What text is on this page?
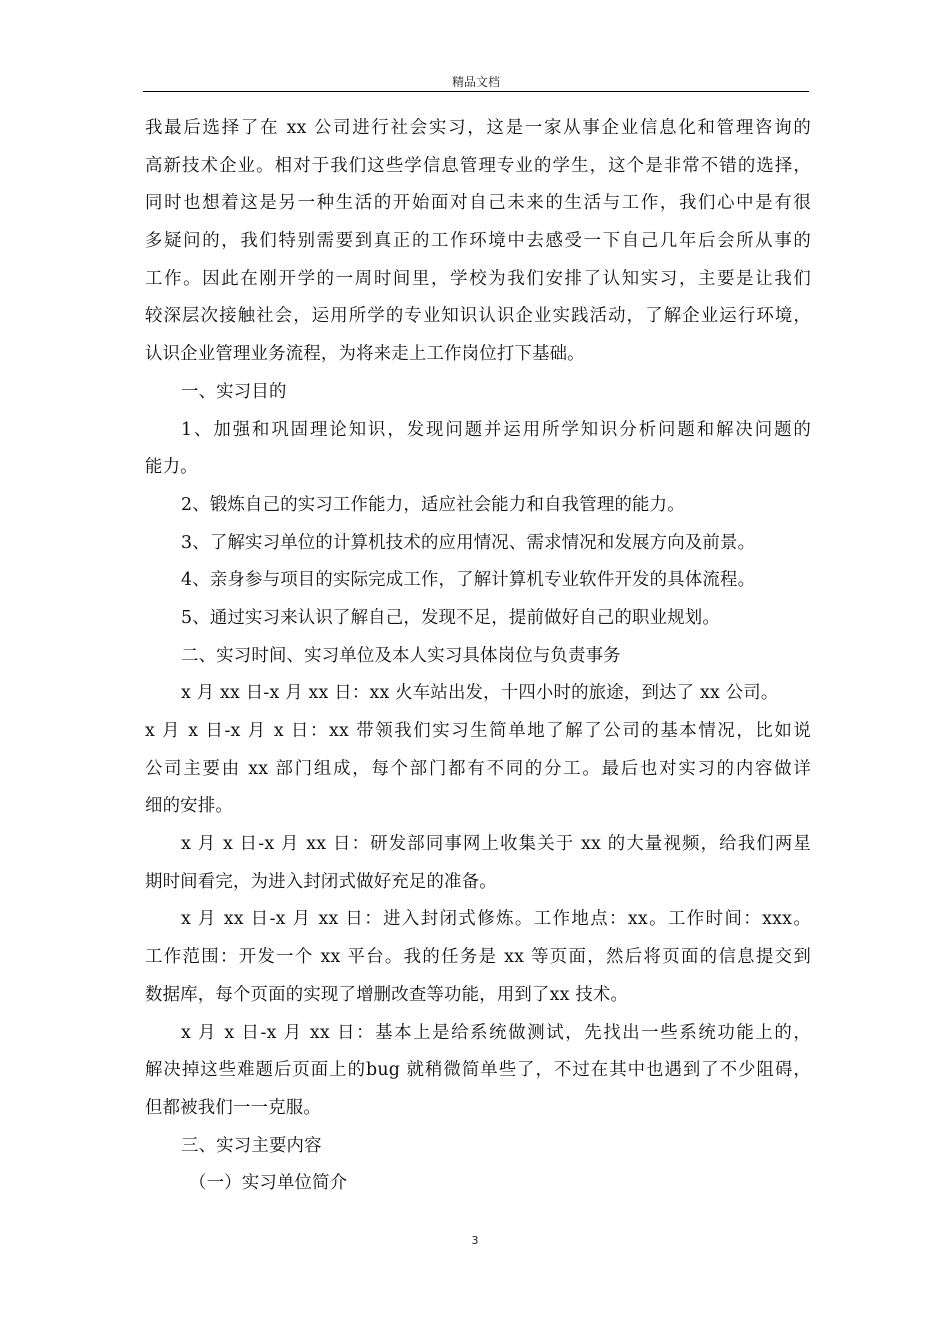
精品文档
我最后选择了在 xx 公司进行社会实习，这是一家从事企业信息化和管理咨询的
高新技术企业。相对于我们这些学信息管理专业的学生，这个是非常不错的选择，
同时也想着这是另一种生活的开始面对自己未来的生活与工作，我们心中是有很
多疑问的，我们特别需要到真正的工作环境中去感受一下自己几年后会所从事的
工作。因此在刚开学的一周时间里，学校为我们安排了认知实习，主要是让我们
较深层次接触社会，运用所学的专业知识认识企业实践活动，了解企业运行环境，
认识企业管理业务流程，为将来走上工作岗位打下基础。
一、实习目的
1、加强和巩固理论知识，发现问题并运用所学知识分析问题和解决问题的
能力。
2、锻炼自己的实习工作能力，适应社会能力和自我管理的能力。
3、了解实习单位的计算机技术的应用情况、需求情况和发展方向及前景。
4、亲身参与项目的实际完成工作，了解计算机专业软件开发的具体流程。
5、通过实习来认识了解自己，发现不足，提前做好自己的职业规划。
二、实习时间、实习单位及本人实习具体岗位与负责事务
x 月 xx 日-x 月 xx 日：xx 火车站出发，十四小时的旅途，到达了 xx 公司。
x 月 x 日-x 月 x 日：xx 带领我们实习生简单地了解了公司的基本情况，比如说
公司主要由 xx 部门组成，每个部门都有不同的分工。最后也对实习的内容做详
细的安排。
x 月 x 日-x 月 xx 日：研发部同事网上收集关于 xx 的大量视频，给我们两星
期时间看完，为进入封闭式做好充足的准备。
x 月 xx 日-x 月 xx 日：进入封闭式修炼。工作地点：xx。工作时间：xxx。
工作范围：开发一个 xx 平台。我的任务是 xx 等页面，然后将页面的信息提交到
数据库，每个页面的实现了增删改查等功能，用到了xx 技术。
x 月 x 日-x 月 xx 日：基本上是给系统做测试，先找出一些系统功能上的，
解决掉这些难题后页面上的bug 就稍微简单些了，不过在其中也遇到了不少阻碍，
但都被我们一一克服。
三、实习主要内容
（一）实习单位简介
3
